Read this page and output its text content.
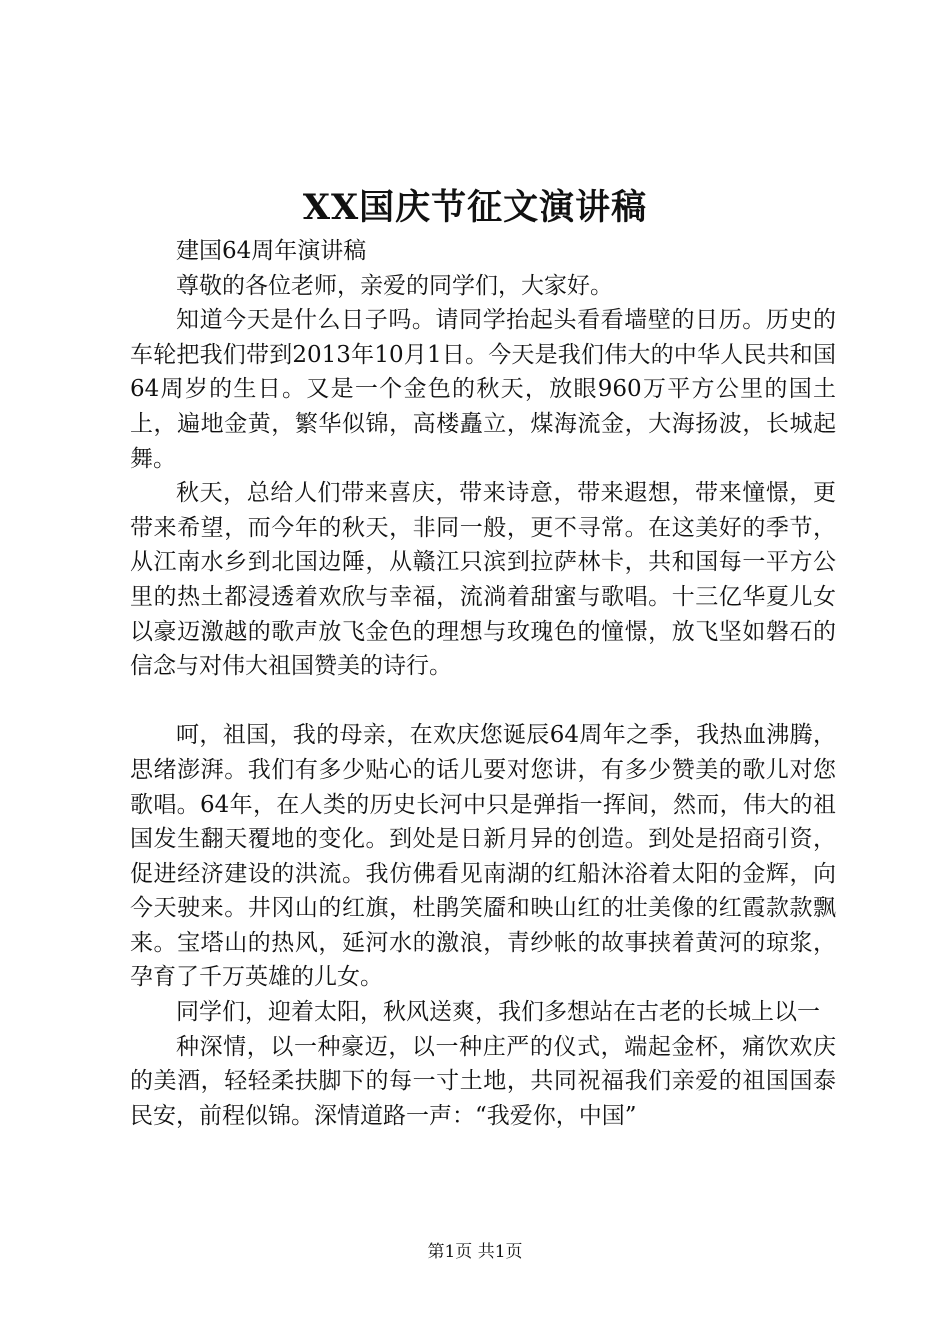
XX国庆节征文演讲稿

建国64周年演讲稿

尊敬的各位老师，亲爱的同学们，大家好。

知道今天是什么日子吗。请同学抬起头看看墙壁的日历。历史的车轮把我们带到2013年10月1日。今天是我们伟大的中华人民共和国64周岁的生日。又是一个金色的秋天，放眼960万平方公里的国土上，遍地金黄，繁华似锦，高楼矗立，煤海流金，大海扬波，长城起舞。

秋天，总给人们带来喜庆，带来诗意，带来遐想，带来憧憬，更带来希望，而今年的秋天，非同一般，更不寻常。在这美好的季节，从江南水乡到北国边陲，从赣江只滨到拉萨林卡，共和国每一平方公里的热土都浸透着欢欣与幸福，流淌着甜蜜与歌唱。十三亿华夏儿女以豪迈激越的歌声放飞金色的理想与玫瑰色的憧憬，放飞坚如磐石的信念与对伟大祖国赞美的诗行。

呵，祖国，我的母亲，在欢庆您诞辰64周年之季，我热血沸腾，思绪澎湃。我们有多少贴心的话儿要对您讲，有多少赞美的歌儿对您歌唱。64年，在人类的历史长河中只是弹指一挥间，然而，伟大的祖国发生翻天覆地的变化。到处是日新月异的创造。到处是招商引资，促进经济建设的洪流。我仿佛看见南湖的红船沐浴着太阳的金辉，向今天驶来。井冈山的红旗，杜鹃笑靥和映山红的壮美像的红霞款款飘来。宝塔山的热风，延河水的激浪，青纱帐的故事挟着黄河的琼浆，孕育了千万英雄的儿女。

同学们，迎着太阳，秋风送爽，我们多想站在古老的长城上以一

种深情，以一种豪迈，以一种庄严的仪式，端起金杯，痛饮欢庆的美酒，轻轻柔扶脚下的每一寸土地，共同祝福我们亲爱的祖国国泰民安，前程似锦。深情道路一声：“我爱你，中国”

第1页 共1页
